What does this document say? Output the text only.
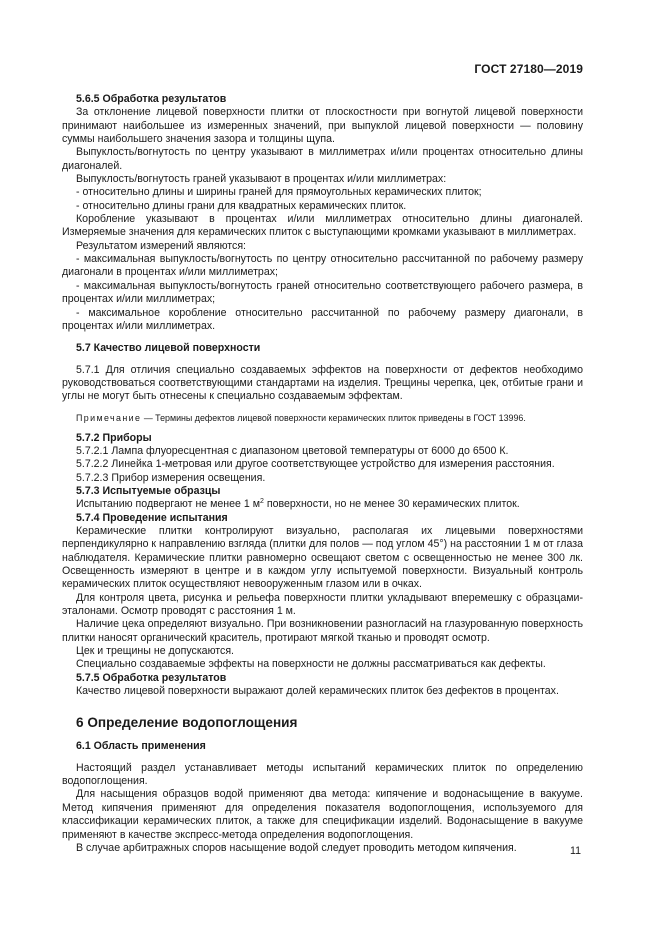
ГОСТ 27180—2019

5.6.5 Обработка результатов

За отклонение лицевой поверхности плитки от плоскостности при вогнутой лицевой поверхности принимают наибольшее из измеренных значений, при выпуклой лицевой поверхности — половину суммы наибольшего значения зазора и толщины щупа.

Выпуклость/вогнутость по центру указывают в миллиметрах и/или процентах относительно длины диагоналей.

Выпуклость/вогнутость граней указывают в процентах и/или миллиметрах:

- относительно длины и ширины граней для прямоугольных керамических плиток;

- относительно длины грани для квадратных керамических плиток.

Коробление указывают в процентах и/или миллиметрах относительно длины диагоналей. Измеряемые значения для керамических плиток с выступающими кромками указывают в миллиметрах.

Результатом измерений являются:

- максимальная выпуклость/вогнутость по центру относительно рассчитанной по рабочему размеру диагонали в процентах и/или миллиметрах;

- максимальная выпуклость/вогнутость граней относительно соответствующего рабочего размера, в процентах и/или миллиметрах;

- максимальное коробление относительно рассчитанной по рабочему размеру диагонали, в процентах и/или миллиметрах.

5.7 Качество лицевой поверхности

5.7.1 Для отличия специально создаваемых эффектов на поверхности от дефектов необходимо руководствоваться соответствующими стандартами на изделия. Трещины черепка, цек, отбитые грани и углы не могут быть отнесены к специально создаваемым эффектам.

Примечание — Термины дефектов лицевой поверхности керамических плиток приведены в ГОСТ 13996.

5.7.2 Приборы

5.7.2.1 Лампа флуоресцентная с диапазоном цветовой температуры от 6000 до 6500 К.

5.7.2.2 Линейка 1-метровая или другое соответствующее устройство для измерения расстояния.

5.7.2.3 Прибор измерения освещения.

5.7.3 Испытуемые образцы

Испытанию подвергают не менее 1 $м^2$ поверхности, но не менее 30 керамических плиток.

5.7.4 Проведение испытания

Керамические плитки контролируют визуально, располагая их лицевыми поверхностями перпендикулярно к направлению взгляда (плитки для полов — под углом 45°) на расстоянии 1 м от глаза наблюдателя. Керамические плитки равномерно освещают светом с освещенностью не менее 300 лк. Освещенность измеряют в центре и в каждом углу испытуемой поверхности. Визуальный контроль керамических плиток осуществляют невооруженным глазом или в очках.

Для контроля цвета, рисунка и рельефа поверхности плитки укладывают вперемешку с образцами-эталонами. Осмотр проводят с расстояния 1 м.

Наличие цека определяют визуально. При возникновении разногласий на глазурованную поверхность плитки наносят органический краситель, протирают мягкой тканью и проводят осмотр.

Цек и трещины не допускаются.

Специально создаваемые эффекты на поверхности не должны рассматриваться как дефекты.

5.7.5 Обработка результатов

Качество лицевой поверхности выражают долей керамических плиток без дефектов в процентах.

6 Определение водопоглощения

6.1 Область применения

Настоящий раздел устанавливает методы испытаний керамических плиток по определению водопоглощения.

Для насыщения образцов водой применяют два метода: кипячение и водонасыщение в вакууме. Метод кипячения применяют для определения показателя водопоглощения, используемого для классификации керамических плиток, а также для спецификации изделий. Водонасыщение в вакууме применяют в качестве экспресс-метода определения водопоглощения.

В случае арбитражных споров насыщение водой следует проводить методом кипячения.	11
